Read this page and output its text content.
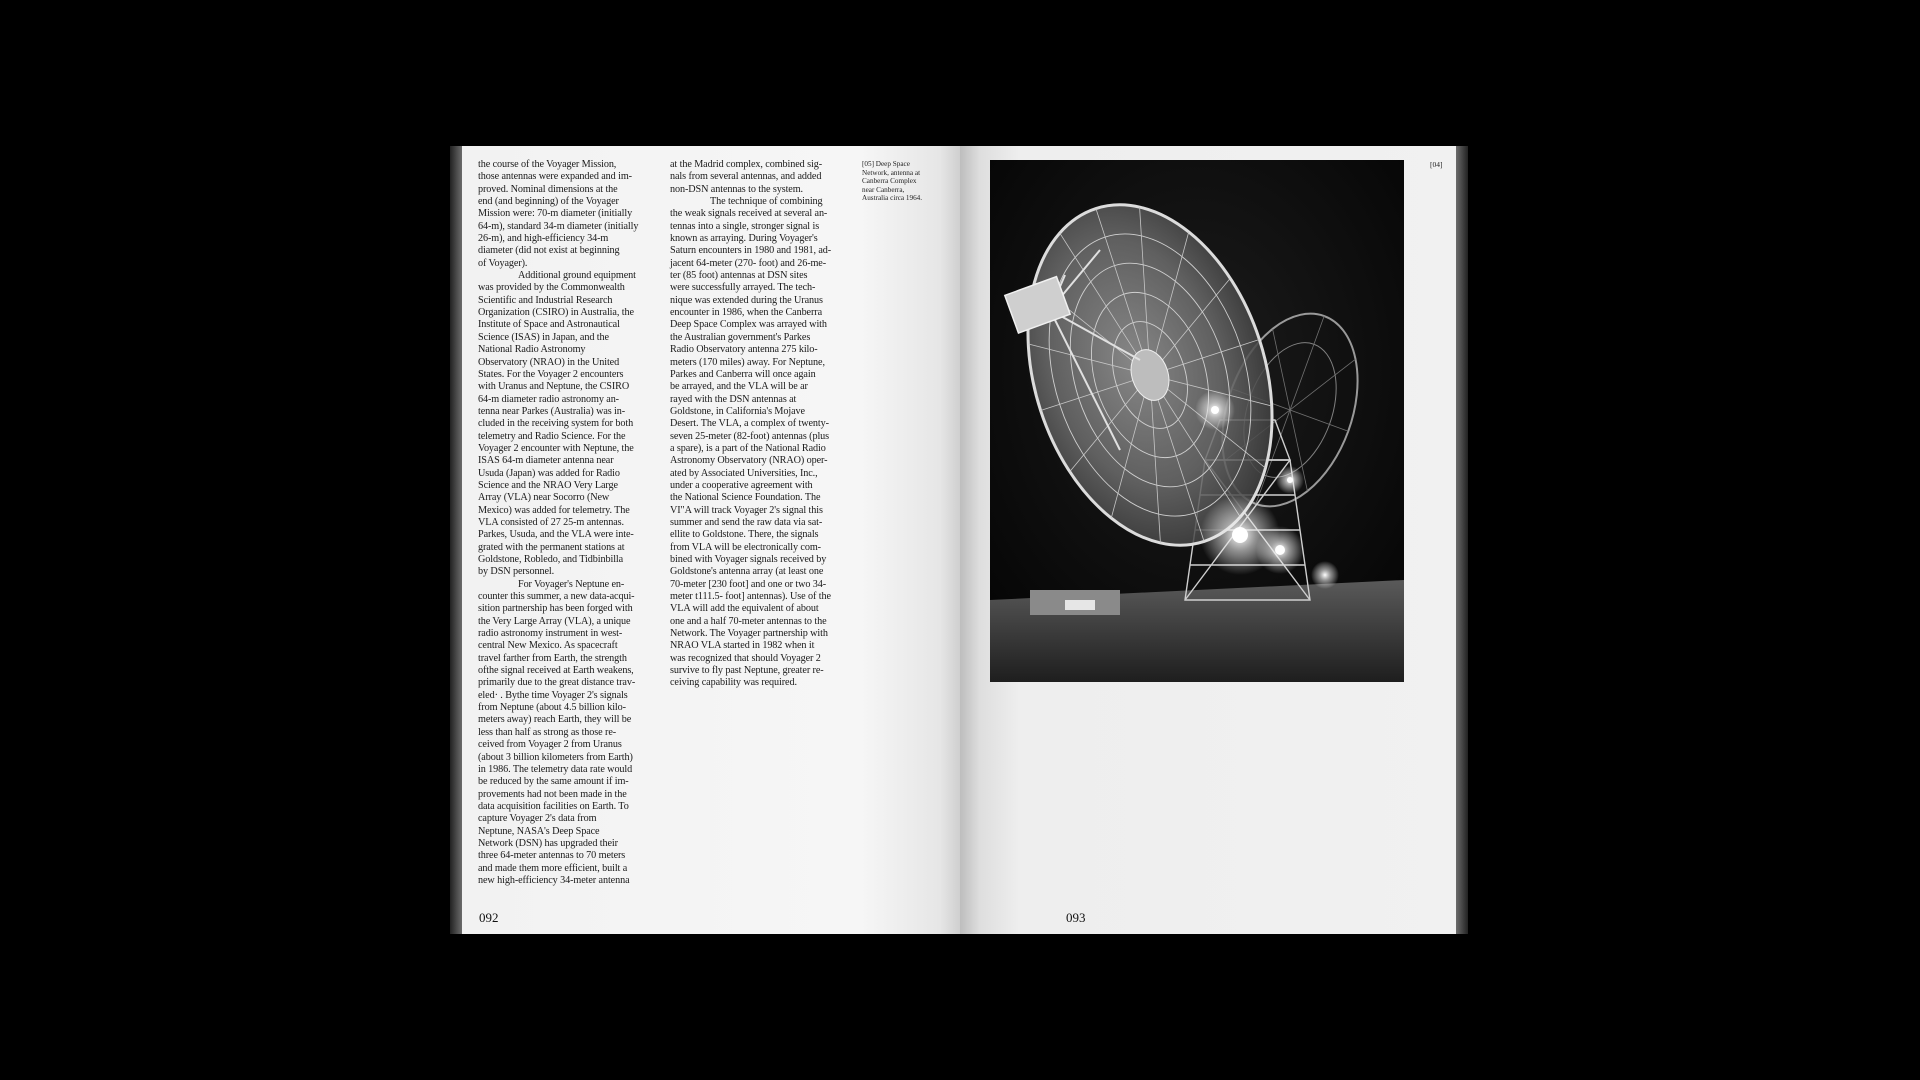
the course of the Voyager Mission,
those antennas were expanded and im-
proved. Nominal dimensions at the
end (and beginning) of the Voyager
Mission were: 70-m diameter (initially
64-m), standard 34-m diameter (initially
26-m), and high-efficiency 34-m
diameter (did not exist at beginning
of Voyager).
Additional ground equipment
was provided by the Commonwealth
Scientific and Industrial Research
Organization (CSIRO) in Australia, the
Institute of Space and Astronautical
Science (ISAS) in Japan, and the
National Radio Astronomy
Observatory (NRAO) in the United
States. For the Voyager 2 encounters
with Uranus and Neptune, the CSIRO
64-m diameter radio astronomy an-
tenna near Parkes (Australia) was in-
cluded in the receiving system for both
telemetry and Radio Science. For the
Voyager 2 encounter with Neptune, the
ISAS 64-m diameter antenna near
Usuda (Japan) was added for Radio
Science and the NRAO Very Large
Array (VLA) near Socorro (New
Mexico) was added for telemetry. The
VLA consisted of 27 25-m antennas.
Parkes, Usuda, and the VLA were inte-
grated with the permanent stations at
Goldstone, Robledo, and Tidbinbilla
by DSN personnel.
For Voyager's Neptune en-
counter this summer, a new data-acqui-
sition partnership has been forged with
the Very Large Array (VLA), a unique
radio astronomy instrument in west-
central New Mexico. As spacecraft
travel farther from Earth, the strength
ofthe signal received at Earth weakens,
primarily due to the great distance trav-
eled· . Bythe time Voyager 2's signals
from Neptune (about 4.5 billion kilo-
meters away) reach Earth, they will be
less than half as strong as those re-
ceived from Voyager 2 from Uranus
(about 3 billion kilometers from Earth)
in 1986. The telemetry data rate would
be reduced by the same amount if im-
provements had not been made in the
data acquisition facilities on Earth. To
capture Voyager 2's data from
Neptune, NASA's Deep Space
Network (DSN) has upgraded their
three 64-meter antennas to 70 meters
and made them more efficient, built a
new high-efficiency 34-meter antenna
at the Madrid complex, combined sig-
nals from several antennas, and added
non-DSN antennas to the system.
The technique of combining
the weak signals received at several an-
tennas into a single, stronger signal is
known as arraying. During Voyager's
Saturn encounters in 1980 and 1981, ad-
jacent 64-meter (270- foot) and 26-me-
ter (85 foot) antennas at DSN sites
were successfully arrayed. The tech-
nique was extended during the Uranus
encounter in 1986, when the Canberra
Deep Space Complex was arrayed with
the Australian government's Parkes
Radio Observatory antenna 275 kilo-
meters (170 miles) away. For Neptune,
Parkes and Canberra will once again
be arrayed, and the VLA will be ar
rayed with the DSN antennas at
Goldstone, in California's Mojave
Desert. The VLA, a complex of twenty-
seven 25-meter (82-foot) antennas (plus
a spare), is a part of the National Radio
Astronomy Observatory (NRAO) oper-
ated by Associated Universities, Inc.,
under a cooperative agreement with
the National Science Foundation. The
VI"A will track Voyager 2's signal this
summer and send the raw data via sat-
ellite to Goldstone. There, the signals
from VLA will be electronically com-
bined with Voyager signals received by
Goldstone's antenna array (at least one
70-meter [230 foot] and one or two 34-
meter t111.5- foot] antennas). Use of the
VLA will add the equivalent of about
one and a half 70-meter antennas to the
Network. The Voyager partnership with
NRAO VLA started in 1982 when it
was recognized that should Voyager 2
survive to fly past Neptune, greater re-
ceiving capability was required.
[05] Deep Space
Network, antenna at
Canberra Complex
near Canberra,
Australia circa 1964.
092
[04]
093
